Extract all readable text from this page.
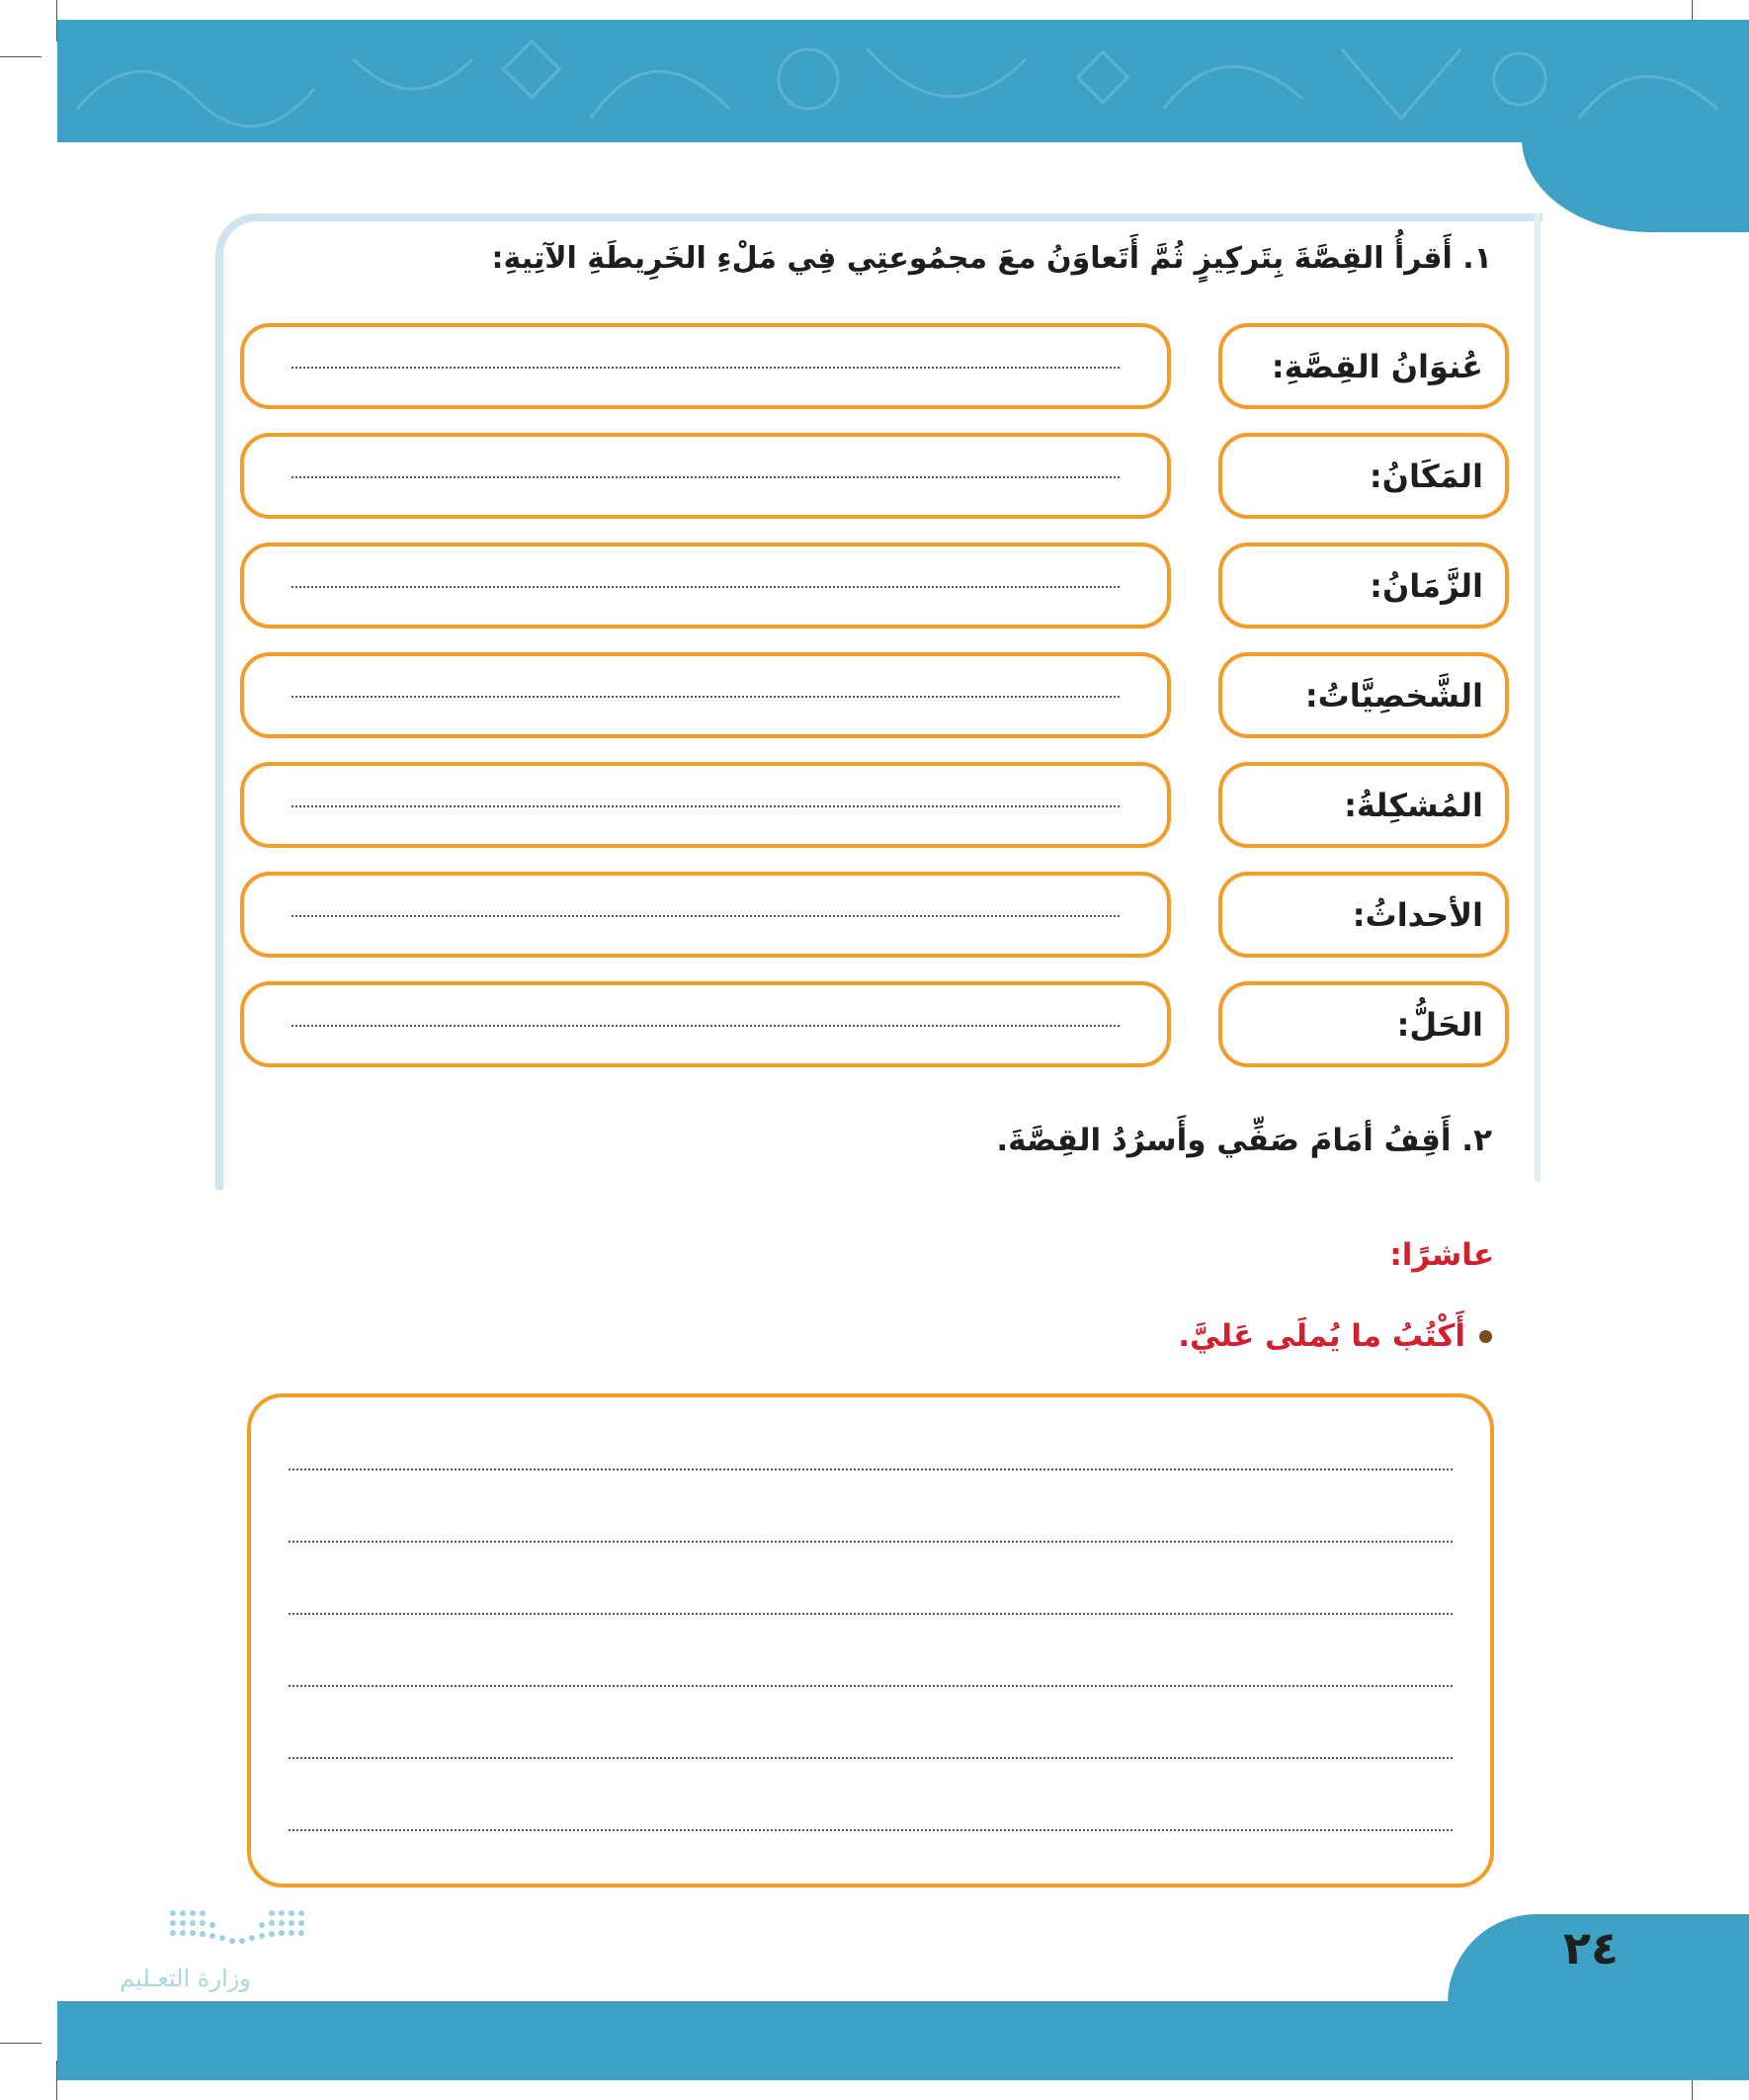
١. أَقرأُ القِصَّةَ بِتَركِيزٍ ثُمَّ أَتَعاوَنُ معَ مجمُوعتِي فِي مَلْءِ الخَرِيطَةِ الآتِيةِ:
عُنوَانُ القِصَّةِ:
المَكَانُ:
الزَّمَانُ:
الشَّخصِيَّاتُ:
المُشكِلةُ:
الأحداثُ:
الحَلُّ:
٢. أَقِفُ أمَامَ صَفِّي وأَسرُدُ القِصَّةَ.
عاشرًا:
أَكْتُبُ ما يُملَى عَليَّ.
٢٤
وزارة التعـليم
